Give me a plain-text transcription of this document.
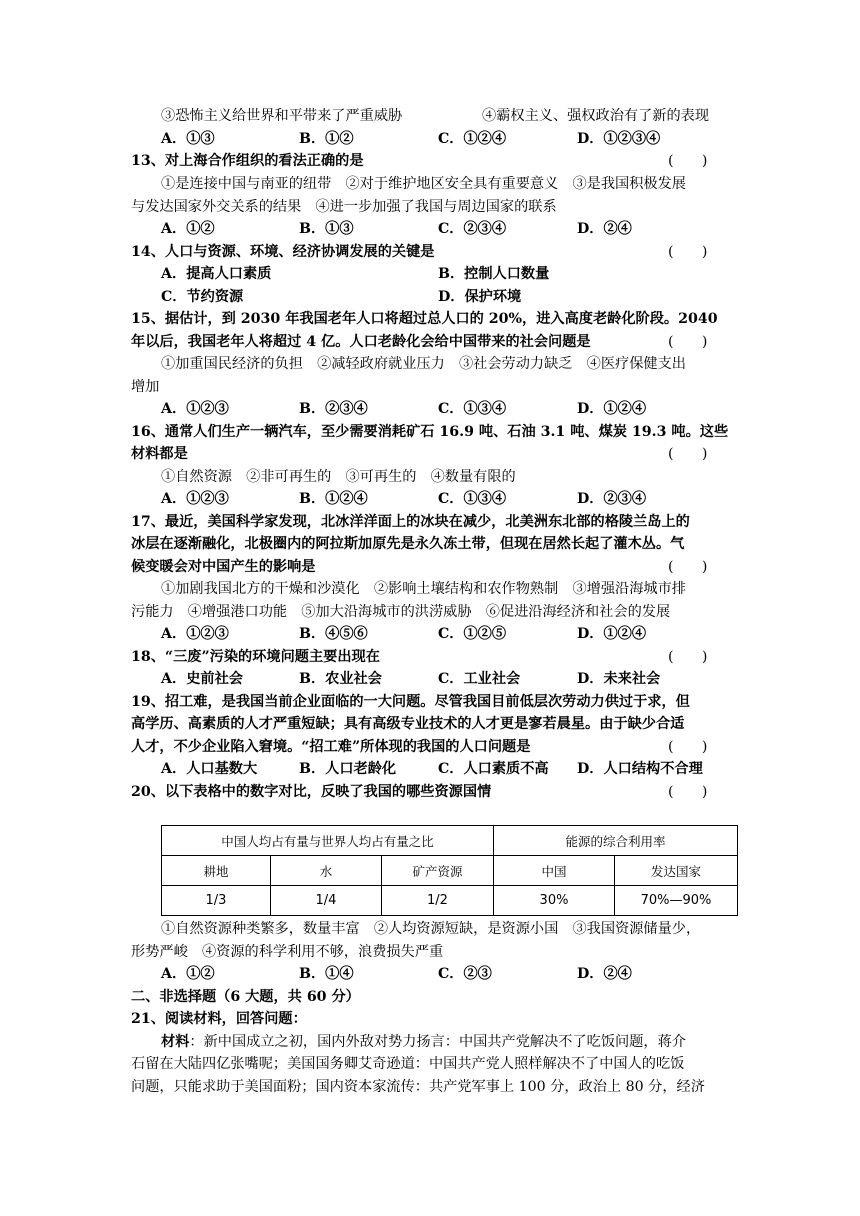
③恐怖主义给世界和平带来了严重威胁	④霸权主义、强权政治有了新的表现
A．①③	B．①②	C．①②④	D．①②③④
13、对上海合作组织的看法正确的是	(　　)
①是连接中国与南亚的纽带　②对于维护地区安全具有重要意义　③是我国积极发展
与发达国家外交关系的结果　④进一步加强了我国与周边国家的联系
A．①②	B．①③	C．②③④	D．②④
14、人口与资源、环境、经济协调发展的关键是	(　　)
A．提高人口素质	B．控制人口数量
C．节约资源	D．保护环境
15、据估计，到 2030 年我国老年人口将超过总人口的 20%，进入高度老龄化阶段。2040
年以后，我国老年人将超过 4 亿。人口老龄化会给中国带来的社会问题是	(　　)
①加重国民经济的负担　②减轻政府就业压力　③社会劳动力缺乏　④医疗保健支出
增加
A．①②③	B．②③④	C．①③④	D．①②④
16、通常人们生产一辆汽车，至少需要消耗矿石 16.9 吨、石油 3.1 吨、煤炭 19.3 吨。这些
材料都是	(　　)
①自然资源　②非可再生的　③可再生的　④数量有限的
A．①②③	B．①②④	C．①③④	D．②③④
17、最近，美国科学家发现，北冰洋洋面上的冰块在减少，北美洲东北部的格陵兰岛上的
冰层在逐渐融化，北极圈内的阿拉斯加原先是永久冻土带，但现在居然长起了灌木丛。气
候变暖会对中国产生的影响是	(　　)
①加剧我国北方的干燥和沙漠化　②影响土壤结构和农作物熟制　③增强沿海城市排
污能力　④增强港口功能　⑤加大沿海城市的洪涝威胁　⑥促进沿海经济和社会的发展
A．①②③	B．④⑤⑥	C．①②⑤	D．①②④
18、“三废”污染的环境问题主要出现在	(　　)
A．史前社会	B．农业社会	C．工业社会	D．未来社会
19、招工难，是我国当前企业面临的一大问题。尽管我国目前低层次劳动力供过于求，但
高学历、高素质的人才严重短缺；具有高级专业技术的人才更是寥若晨星。由于缺少合适
人才，不少企业陷入窘境。“招工难”所体现的我国的人口问题是	(　　)
A．人口基数大	B．人口老龄化	C．人口素质不高 D．人口结构不合理
20、以下表格中的数字对比，反映了我国的哪些资源国情	(　　)
中国人均占有量与世界人均占有量之比			能源的综合利用率	
耕地	水	矿产资源	中国	发达国家
1/3	1/4	1/2	30%	70%—90%
①自然资源种类繁多，数量丰富　②人均资源短缺，是资源小国　③我国资源储量少，
形势严峻　④资源的科学利用不够，浪费损失严重
A．①②	B．①④	C．②③	D．②④
二、非选择题（6 大题，共 60 分）
21、阅读材料，回答问题：
材料：新中国成立之初，国内外敌对势力扬言：中国共产党解决不了吃饭问题，蒋介
石留在大陆四亿张嘴呢；美国国务卿艾奇逊道：中国共产党人照样解决不了中国人的吃饭
问题，只能求助于美国面粉；国内资本家流传：共产党军事上 100 分，政治上 80 分，经济
